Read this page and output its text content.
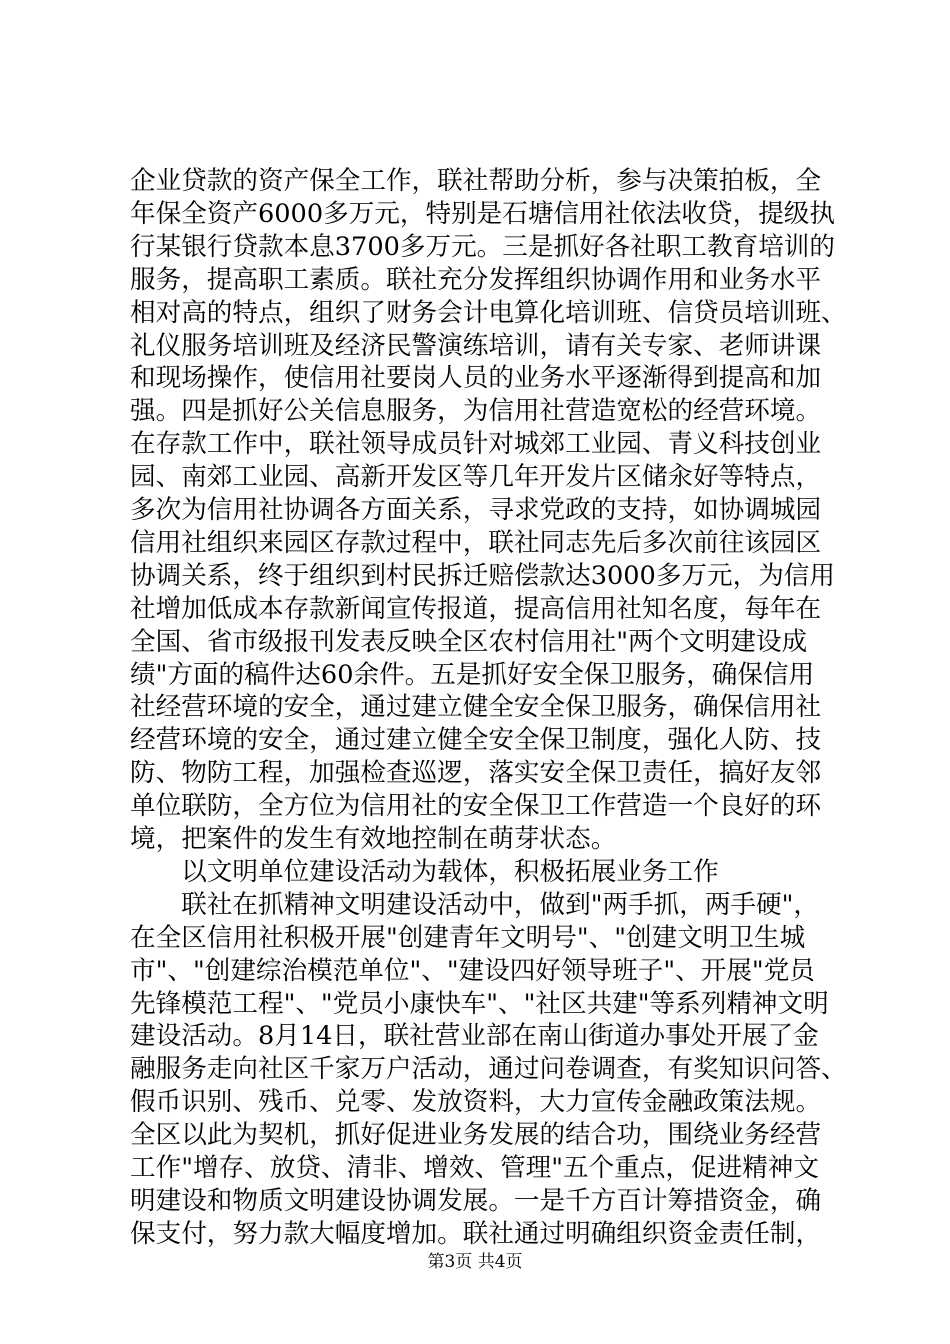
企业贷款的资产保全工作，联社帮助分析，参与决策拍板，全
年保全资产6000多万元，特别是石塘信用社依法收贷，提级执
行某银行贷款本息3700多万元。三是抓好各社职工教育培训的
服务，提高职工素质。联社充分发挥组织协调作用和业务水平
相对高的特点，组织了财务会计电算化培训班、信贷员培训班、
礼仪服务培训班及经济民警演练培训，请有关专家、老师讲课
和现场操作，使信用社要岗人员的业务水平逐渐得到提高和加
强。四是抓好公关信息服务，为信用社营造宽松的经营环境。
在存款工作中，联社领导成员针对城郊工业园、青义科技创业
园、南郊工业园、高新开发区等几年开发片区储汆好等特点，
多次为信用社协调各方面关系，寻求党政的支持，如协调城园
信用社组织来园区存款过程中，联社同志先后多次前往该园区
协调关系，终于组织到村民拆迁赔偿款达3000多万元，为信用
社增加低成本存款新闻宣传报道，提高信用社知名度，每年在
全国、省市级报刊发表反映全区农村信用社"两个文明建设成
绩"方面的稿件达60余件。五是抓好安全保卫服务，确保信用
社经营环境的安全，通过建立健全安全保卫服务，确保信用社
经营环境的安全，通过建立健全安全保卫制度，强化人防、技
防、物防工程，加强检查巡逻，落实安全保卫责任，搞好友邻
单位联防，全方位为信用社的安全保卫工作营造一个良好的环
境，把案件的发生有效地控制在萌芽状态。
　　以文明单位建设活动为载体，积极拓展业务工作
　　联社在抓精神文明建设活动中，做到"两手抓，两手硬"，
在全区信用社积极开展"创建青年文明号"、"创建文明卫生城
市"、"创建综治模范单位"、"建设四好领导班子"、开展"党员
先锋模范工程"、"党员小康快车"、"社区共建"等系列精神文明
建设活动。8月14日，联社营业部在南山街道办事处开展了金
融服务走向社区千家万户活动，通过问卷调查，有奖知识问答、
假币识别、残币、兑零、发放资料，大力宣传金融政策法规。
全区以此为契机，抓好促进业务发展的结合功，围绕业务经营
工作"增存、放贷、清非、增效、管理"五个重点，促进精神文
明建设和物质文明建设协调发展。一是千方百计筹措资金，确
保支付，努力款大幅度增加。联社通过明确组织资金责任制，
第3页 共4页
